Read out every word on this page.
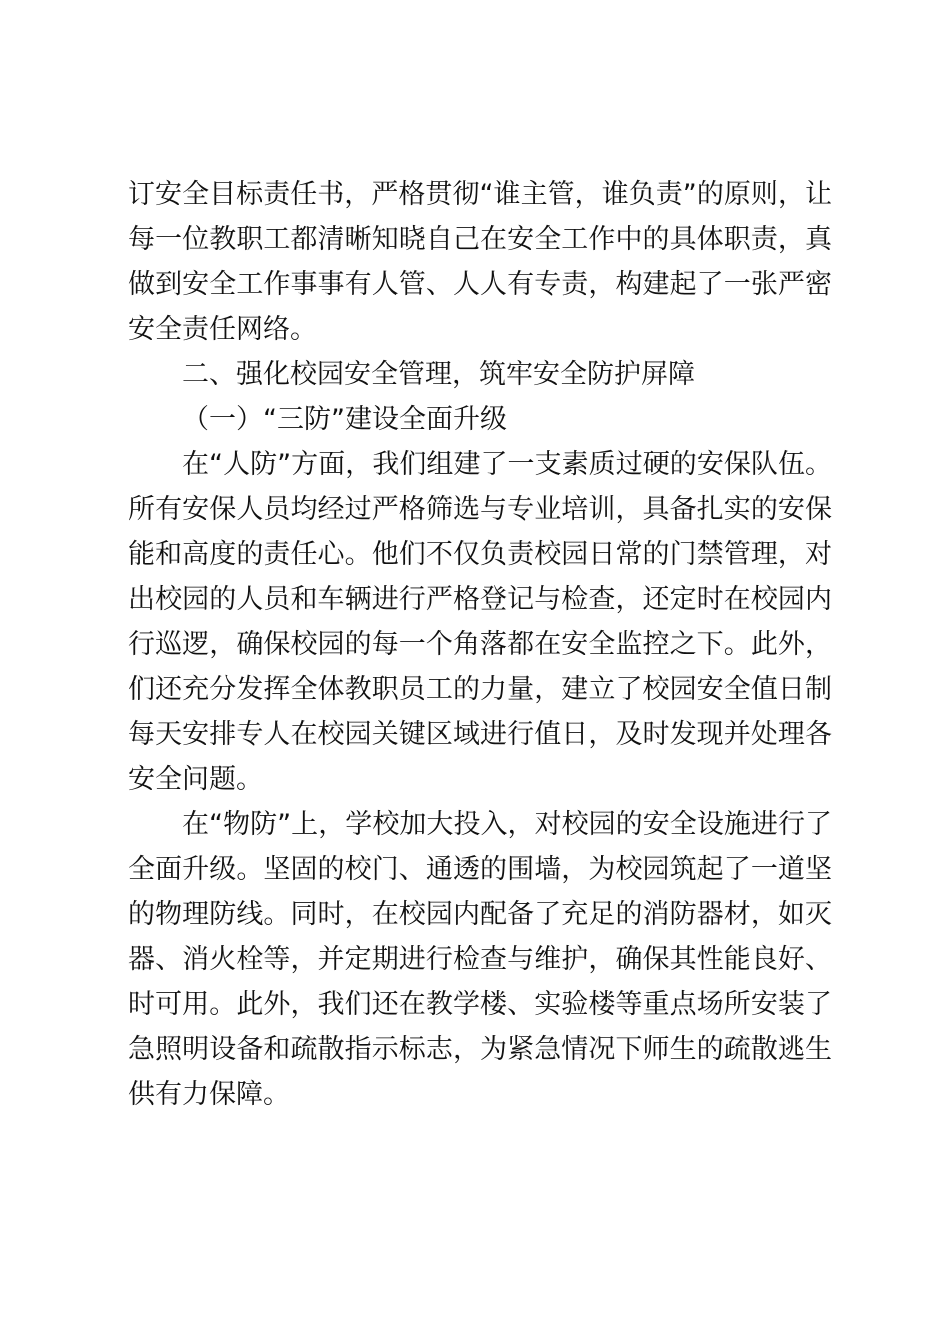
订安全目标责任书，严格贯彻“谁主管，谁负责”的原则，让
每一位教职工都清晰知晓自己在安全工作中的具体职责，真
做到安全工作事事有人管、人人有专责，构建起了一张严密
安全责任网络。
二、强化校园安全管理，筑牢安全防护屏障
（一）“三防”建设全面升级
在“人防”方面，我们组建了一支素质过硬的安保队伍。
所有安保人员均经过严格筛选与专业培训，具备扎实的安保
能和高度的责任心。他们不仅负责校园日常的门禁管理，对
出校园的人员和车辆进行严格登记与检查，还定时在校园内
行巡逻，确保校园的每一个角落都在安全监控之下。此外，
们还充分发挥全体教职员工的力量，建立了校园安全值日制
每天安排专人在校园关键区域进行值日，及时发现并处理各
安全问题。
在“物防”上，学校加大投入，对校园的安全设施进行了
全面升级。坚固的校门、通透的围墙，为校园筑起了一道坚
的物理防线。同时，在校园内配备了充足的消防器材，如灭
器、消火栓等，并定期进行检查与维护，确保其性能良好、
时可用。此外，我们还在教学楼、实验楼等重点场所安装了
急照明设备和疏散指示标志，为紧急情况下师生的疏散逃生
供有力保障。
